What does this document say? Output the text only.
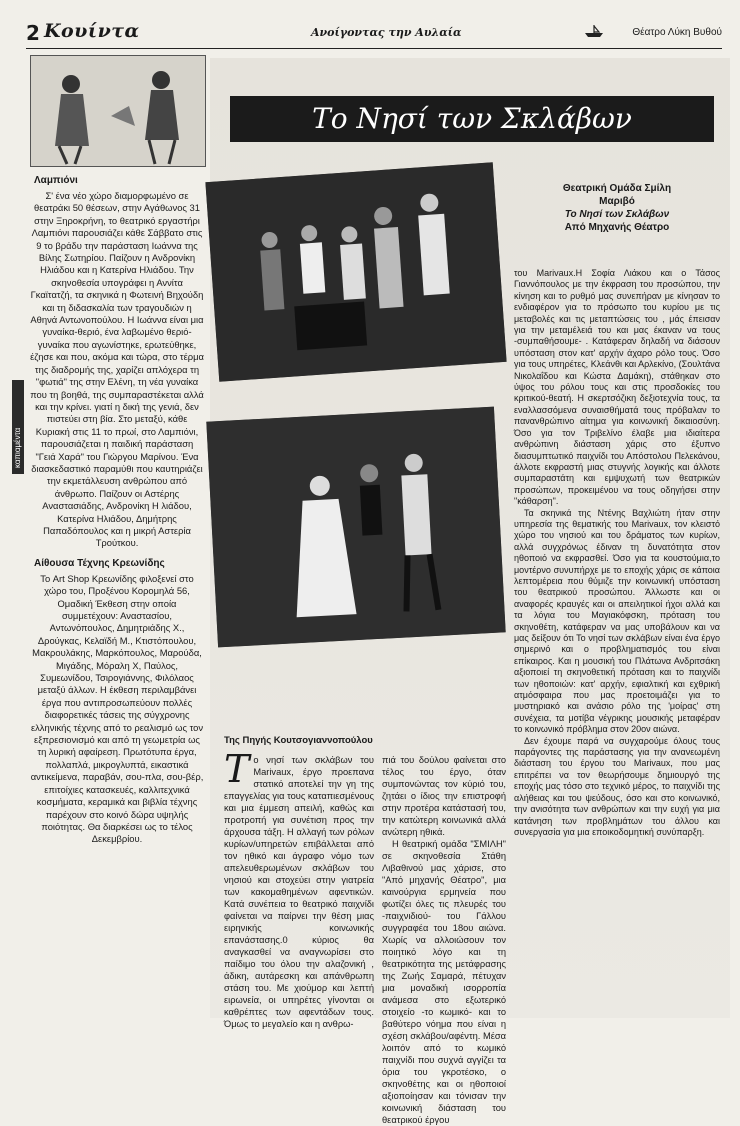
2 Κουίντα	Ανοίγοντας την Αυλαία	Θέατρο Λύκη Βυθού
καπιαμέντα

Λαμπιόνι

Σ' ένα νέο χώρο διαμορφωμένο σε θεατράκι 50 θέσεων, στην Αγάθωνος 31 στην Ξηροκρήνη, το θεατρικό εργαστήρι Λαμπιόνι παρουσιάζει κάθε Σάββατο στις 9 το βράδυ την παράσταση Ιωάννα της Βίλης Σωτηρίου. Παίζουν η Ανδρονίκη Ηλιάδου και η Κατερίνα Ηλιάδου. Την σκηνοθεσία υπογράφει η Αννίτα Γκαϊτατζή, τα σκηνικά η Φωτεινή Βηχούδη και τη διδασκαλία των τραγουδιών η Αθηνά Αντωνοπούλου. Η Ιωάννα είναι μια γυναίκα-θεριό, ένα λαβωμένο θεριό-γυναίκα που αγωνίστηκε, ερωτεύθηκε, έζησε και που, ακόμα και τώρα, στο τέρμα της διαδρομής της, χαρίζει απλόχερα τη "φωτιά" της στην Ελένη, τη νέα γυναίκα που τη βοηθά, της συμπαραστέκεται αλλά και την κρίνει. γιατί η δική της γενιά, δεν πιστεύει στη βία. Στο μεταξύ, κάθε Κυριακή στις 11 το πρωί, στο Λαμπιόνι, παρουσιάζεται η παιδική παράσταση "Γειά Χαρά" του Γιώργου Μαρίνου. Ένα διασκεδαστικό παραμύθι που καυτηριάζει την εκμετάλλευση ανθρώπου από άνθρωπο. Παίζουν οι Αστέρης Αναστασιάδης, Ανδρονίκη Η λιάδου, Κατερίνα Ηλιάδου, Δημήτρης Παπαδόπουλος και η μικρή Αστερία Τρούτκου.

Αίθουσα Τέχνης Κρεωνίδης

Το Art Shop Κρεωνίδης φιλοξενεί στο χώρο του, Προξένου Κορομηλά 56, Ομαδική Έκθεση στην οποία συμμετέχουν: Αναστασίου, Αντωνόπουλος, Δημητριάδης Χ., Δρούγκας, Κελαϊδή Μ., Κτιστόπουλου, Μακρουλάκης, Μαρκόπουλος, Μαρούδα, Μιγάδης, Μόραλη Χ, Παύλος, Συμεωνίδου, Τσιρογιάννης, Φιλόλαος μεταξύ άλλων. Η έκθεση περιλαμβάνει έργα που αντιπροσωπεύουν πολλές διαφορετικές τάσεις της σύγχρονης ελληνικής τέχνης από το ρεαλισμό ως τον εξπρεσιονισμό και από τη γεωμετρία ως τη λυρική αφαίρεση. Πρωτότυπα έργα, πολλαπλά, μικρογλυπτά, εικαστικά αντικείμενα, παραβάν, σου-πλα, σου-βέρ, επιτοίχιες κατασκευές, καλλιτεχνικά κοσμήματα, κεραμικά και βιβλία τέχνης παρέχουν στο κοινό δώρα υψηλής ποιότητας. Θα διαρκέσει ως το τέλος Δεκεμβρίου.

Το Νησί των Σκλάβων
Θεατρική Ομάδα Σμίλη
Μαριβό
Το Νησί των Σκλάβων
Από Μηχανής Θέατρο
Της Πηγής Κουτσογιαννοπούλου
Τ ο νησί των σκλάβων του Marivaux, έργο προεπανα στατικό αποτελεί την γη της επαγγελίας για τους καταπιεσμένους και μια έμμεση απειλή, καθώς και προτροπή για συνέτιση προς την άρχουσα τάξη. Η αλλαγή των ρόλων κυρίων/υπηρετών επιβάλλεται από τον ηθικό και άγραφο νόμο των απελευθερωμένων σκλάβων του νησιού και στοχεύει στην γιατρεία των κακομαθημένων αφεντικών. Κατά συνέπεια το θεατρικό παιχνίδι φαίνεται να παίρνει την θέση μιας ειρηνικής κοινωνικής επανάστασης.0 κύριος θα αναγκασθεί να αναγνωρίσει στο παίδιμο του όλου την αλαζονική , άδικη, αυτάρεσκη και απάνθρωπη στάση του. Με χιούμορ και λεπτή ειρωνεία, οι υπηρέτες γίνονται οι καθρέπτες των αφεντάδων τους. Όμως το μεγαλείο και η ανθρω-

πιά του δούλου φαίνεται στο τέλος του έργο, όταν συμπονώντας τον κύριό του, ζητάει ο ίδιος την επιστροφή στην προτέρα κατάστασή του, την κατώτερη κοινωνικά αλλά ανώτερη ηθικά.

Η θεατρική ομάδα "ΣΜΙΛΗ" σε σκηνοθεσία Στάθη Λιβαθινού μας χάρισε, στο "Από μηχανής Θέατρο", μια καινούργια ερμηνεία που φωτίζει όλες τις πλευρές του -παιχνιδιού- του Γάλλου συγγραφέα του 18ου αιώνα. Χωρίς να αλλοιώσουν τον ποιητικό λόγο και τη θεατρικότητα της μετάφρασης της Ζωής Σαμαρά, πέτυχαν μια μοναδική ισορροπία ανάμεσα στο εξωτερικό στοιχείο -το κωμικό- και το βαθύτερο νόημα που είναι η σχέση σκλάβου/αφέντη. Μέσα λοιπόν από το κωμικό παιχνίδι που συχνά αγγίζει τα όρια του γκροτέσκο, ο σκηνοθέτης και οι ηθοποιοί αξιοποίησαν και τόνισαν την κοινωνική διάσταση του θεατρικού έργου

του Marivaux.Η Σοφία Λιάκου και ο Τάσος Γιαννόπουλος με την έκφραση του προσώπου, την κίνηση και το ρυθμό μας συνεπήραν με κίνησαν το ενδιαφέρον για το πρόσωπο του κυρίου με τις μεταβολές και τις μεταπτώσεις του , μάς έπεισαν για την μεταμέλειά του και μας έκαναν να τους -συμπαθήσουμε- . Κατάφεραν δηλαδή να διάσουν υπόσταση στον κατ' αρχήν άχαρο ρόλο τους. Όσο για τους υπηρέτες, Κλεάνθι και Αρλεκίνο, (Σουλτάνα Νικολαΐδου και Κώστα Δαμάκη), στάθηκαν στο ύψος του ρόλου τους και στις προσδοκίες του κριτικού-θεατή. Η σκερτσόζικη δεξιοτεχνία τους, τα εναλλασσόμενα συναισθήματά τους πρόβαλαν το πανανθρώπινο αίτημα για κοινωνική δικαιοσύνη. Όσο για τον Τριβελίνο έλαβε μια ιδιαίτερα ανθρώπινη διάσταση χάρις στο έξυπνο διασυμπτωτικό παιχνίδι του Απόστολου Πελεκάνου, άλλοτε εκφραστή μιας στυγνής λογικής και άλλοτε συμπαραστάτη και εμψυχωτή των θεατρικών προσώπων, προκειμένου να τους οδηγήσει στην "κάθαρση".

Τα σκηνικά της Ντένης Βαχλιώτη ήταν στην υπηρεσία της θεματικής του Marivaux, τον κλειστό χώρο του νησιού και του δράματος των κυρίων, αλλά συγχρόνως έδιναν τη δυνατότητα στον ηθοποιό να εκφρασθεί. Όσο για τα κουστούμια,το μοντέρνο συνυπήρχε με το εποχής χάρις σε κάποια λεπτομέρεια που θύμιζε την κοινωνική υπόσταση του θεατρικού προσώπου. Άλλωστε και οι αναφορές κραυγές και οι απειλητικοί ήχοι αλλά και τα λόγια του Μαγιακόφσκη, πρόταση του σκηνοθέτη, κατάφεραν να μας υποβάλουν και να μας δείξουν ότι Το νησί των σκλάβων είναι ένα έργο σημερινό και ο προβληματισμός του είναι επίκαιρος. Και η μουσική του Πλάτωνα Ανδριτσάκη αξιοποιεί τη σκηνοθετική πρόταση και το παιχνίδι των ηθοποιών: κατ' αρχήν, εφιαλτική και εχθρική ατμόσφαιρα που μας προετοιμάζει για το μυστηριακό και ανάσιο ρόλο της 'μοίρας' στη συνέχεια, τα μοτίβα νέγρικης μουσικής μεταφέραν το κοινωνικό πρόβλημα στον 20ον αιώνα.

Δεν έχουμε παρά να συγχαρούμε όλους τους παράγοντες της παράστασης για την ανανεωμένη διάσταση του έργου του Marivaux, που μας επιτρέπει να τον θεωρήσουμε δημιουργό της εποχής μας τόσο στο τεχνικό μέρος, το παιχνίδι της αλήθειας και του ψεύδους, όσο και στο κοινωνικό, την ανισότητα των ανθρώπων και την ευχή για μια κατάνηση των προβλημάτων του άλλου και συνεργασία για μια εποικοδομητική συνύπαρξη.
